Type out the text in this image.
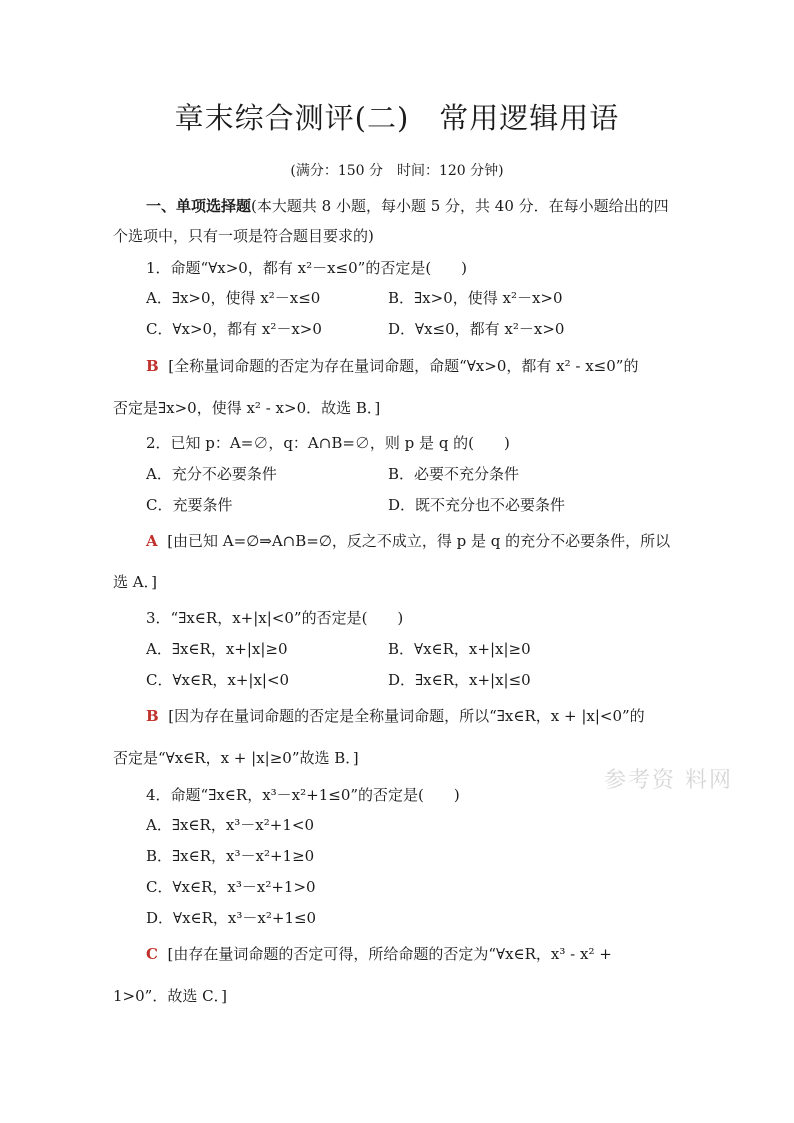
章末综合测评(二)　常用逻辑用语
(满分：150 分　时间：120 分钟)
一、单项选择题(本大题共 8 小题，每小题 5 分，共 40 分．在每小题给出的四
个选项中，只有一项是符合题目要求的)
1．命题“∀x>0，都有 x²－x≤0”的否定是(　　)
A．∃x>0，使得 x²－x≤0	B．∃x>0，使得 x²－x>0
C．∀x>0，都有 x²－x>0	D．∀x≤0，都有 x²－x>0
B [全称量词命题的否定为存在量词命题，命题“∀x>0，都有 x² - x≤0”的
否定是∃x>0，使得 x² - x>0．故选 B．]
2．已知 p：A=∅，q：A∩B=∅，则 p 是 q 的(　　)
A．充分不必要条件	B．必要不充分条件
C．充要条件	D．既不充分也不必要条件
A [由已知 A=∅⇒A∩B=∅，反之不成立，得 p 是 q 的充分不必要条件，所以
选 A．]
3．“∃x∈R，x+|x|<0”的否定是(　　)
A．∃x∈R，x+|x|≥0	B．∀x∈R，x+|x|≥0
C．∀x∈R，x+|x|<0	D．∃x∈R，x+|x|≤0
B [因为存在量词命题的否定是全称量词命题，所以“∃x∈R，x + |x|<0”的
否定是“∀x∈R，x + |x|≥0”故选 B．]
4．命题“∃x∈R，x³－x²+1≤0”的否定是(　　)
A．∃x∈R，x³－x²+1<0
B．∃x∈R，x³－x²+1≥0
C．∀x∈R，x³－x²+1>0
D．∀x∈R，x³－x²+1≤0
C [由存在量词命题的否定可得，所给命题的否定为“∀x∈R，x³ - x² +
1>0”．故选 C．]
参考资 料网
